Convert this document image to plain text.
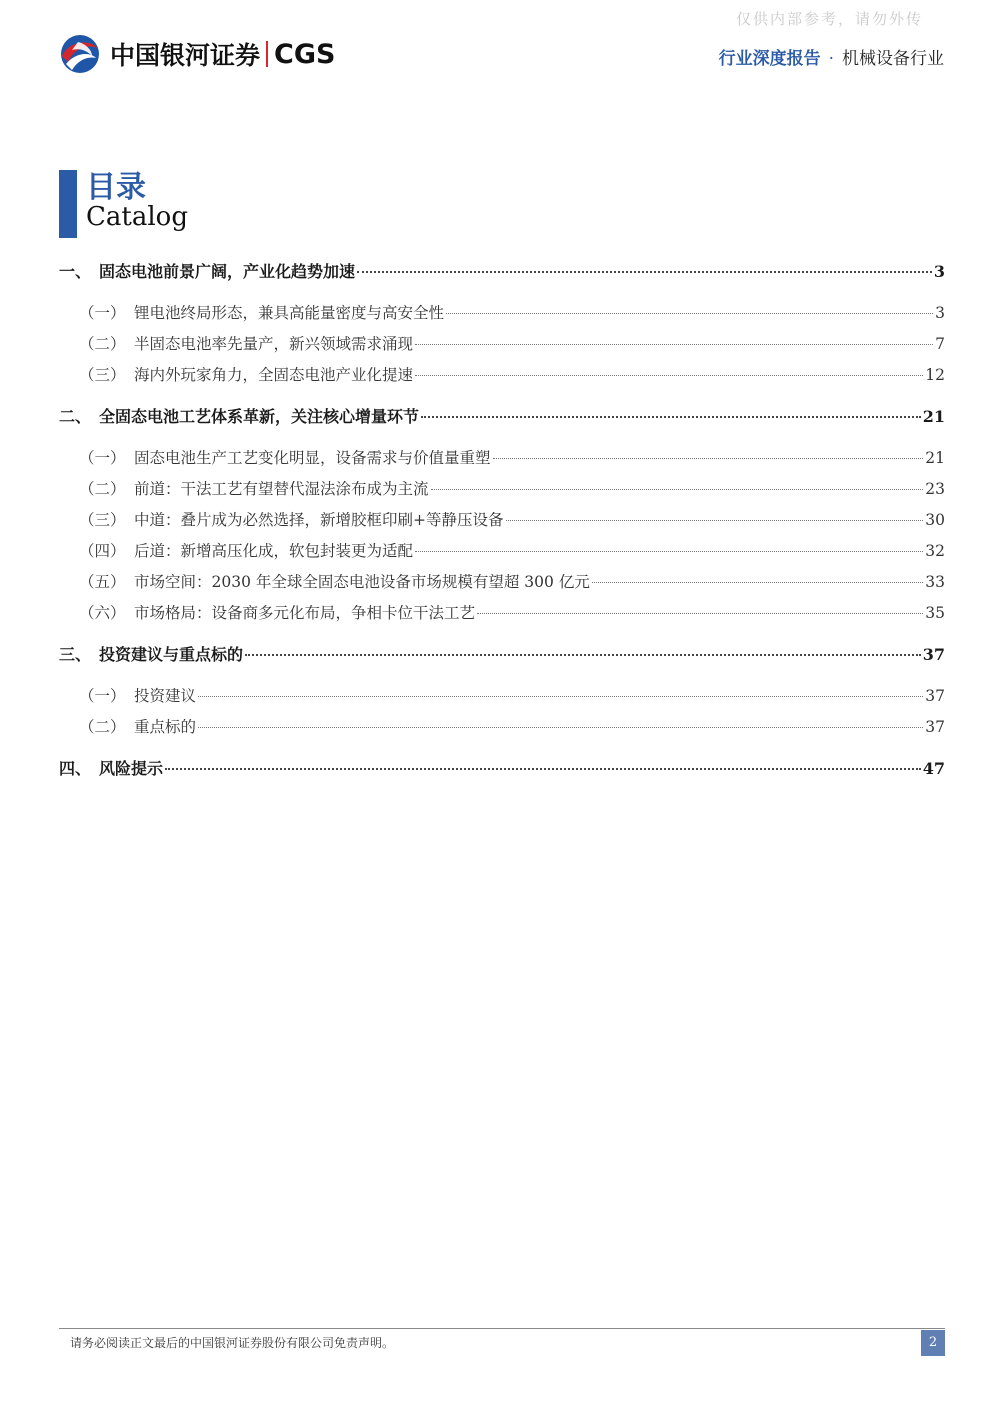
仅供内部参考，请勿外传
中国银河证券 CGS	行业深度报告 · 机械设备行业
目录
Catalog
一、 固态电池前景广阔，产业化趋势加速	3
（一） 锂电池终局形态，兼具高能量密度与高安全性	3
（二） 半固态电池率先量产，新兴领域需求涌现	7
（三） 海内外玩家角力，全固态电池产业化提速	12
二、 全固态电池工艺体系革新，关注核心增量环节	21
（一） 固态电池生产工艺变化明显，设备需求与价值量重塑	21
（二） 前道：干法工艺有望替代湿法涂布成为主流	23
（三） 中道：叠片成为必然选择，新增胶框印刷+等静压设备	30
（四） 后道：新增高压化成，软包封装更为适配	32
（五） 市场空间：2030 年全球全固态电池设备市场规模有望超 300 亿元	33
（六） 市场格局：设备商多元化布局，争相卡位干法工艺	35
三、 投资建议与重点标的	37
（一） 投资建议	37
（二） 重点标的	37
四、 风险提示	47
请务必阅读正文最后的中国银河证券股份有限公司免责声明。	2
